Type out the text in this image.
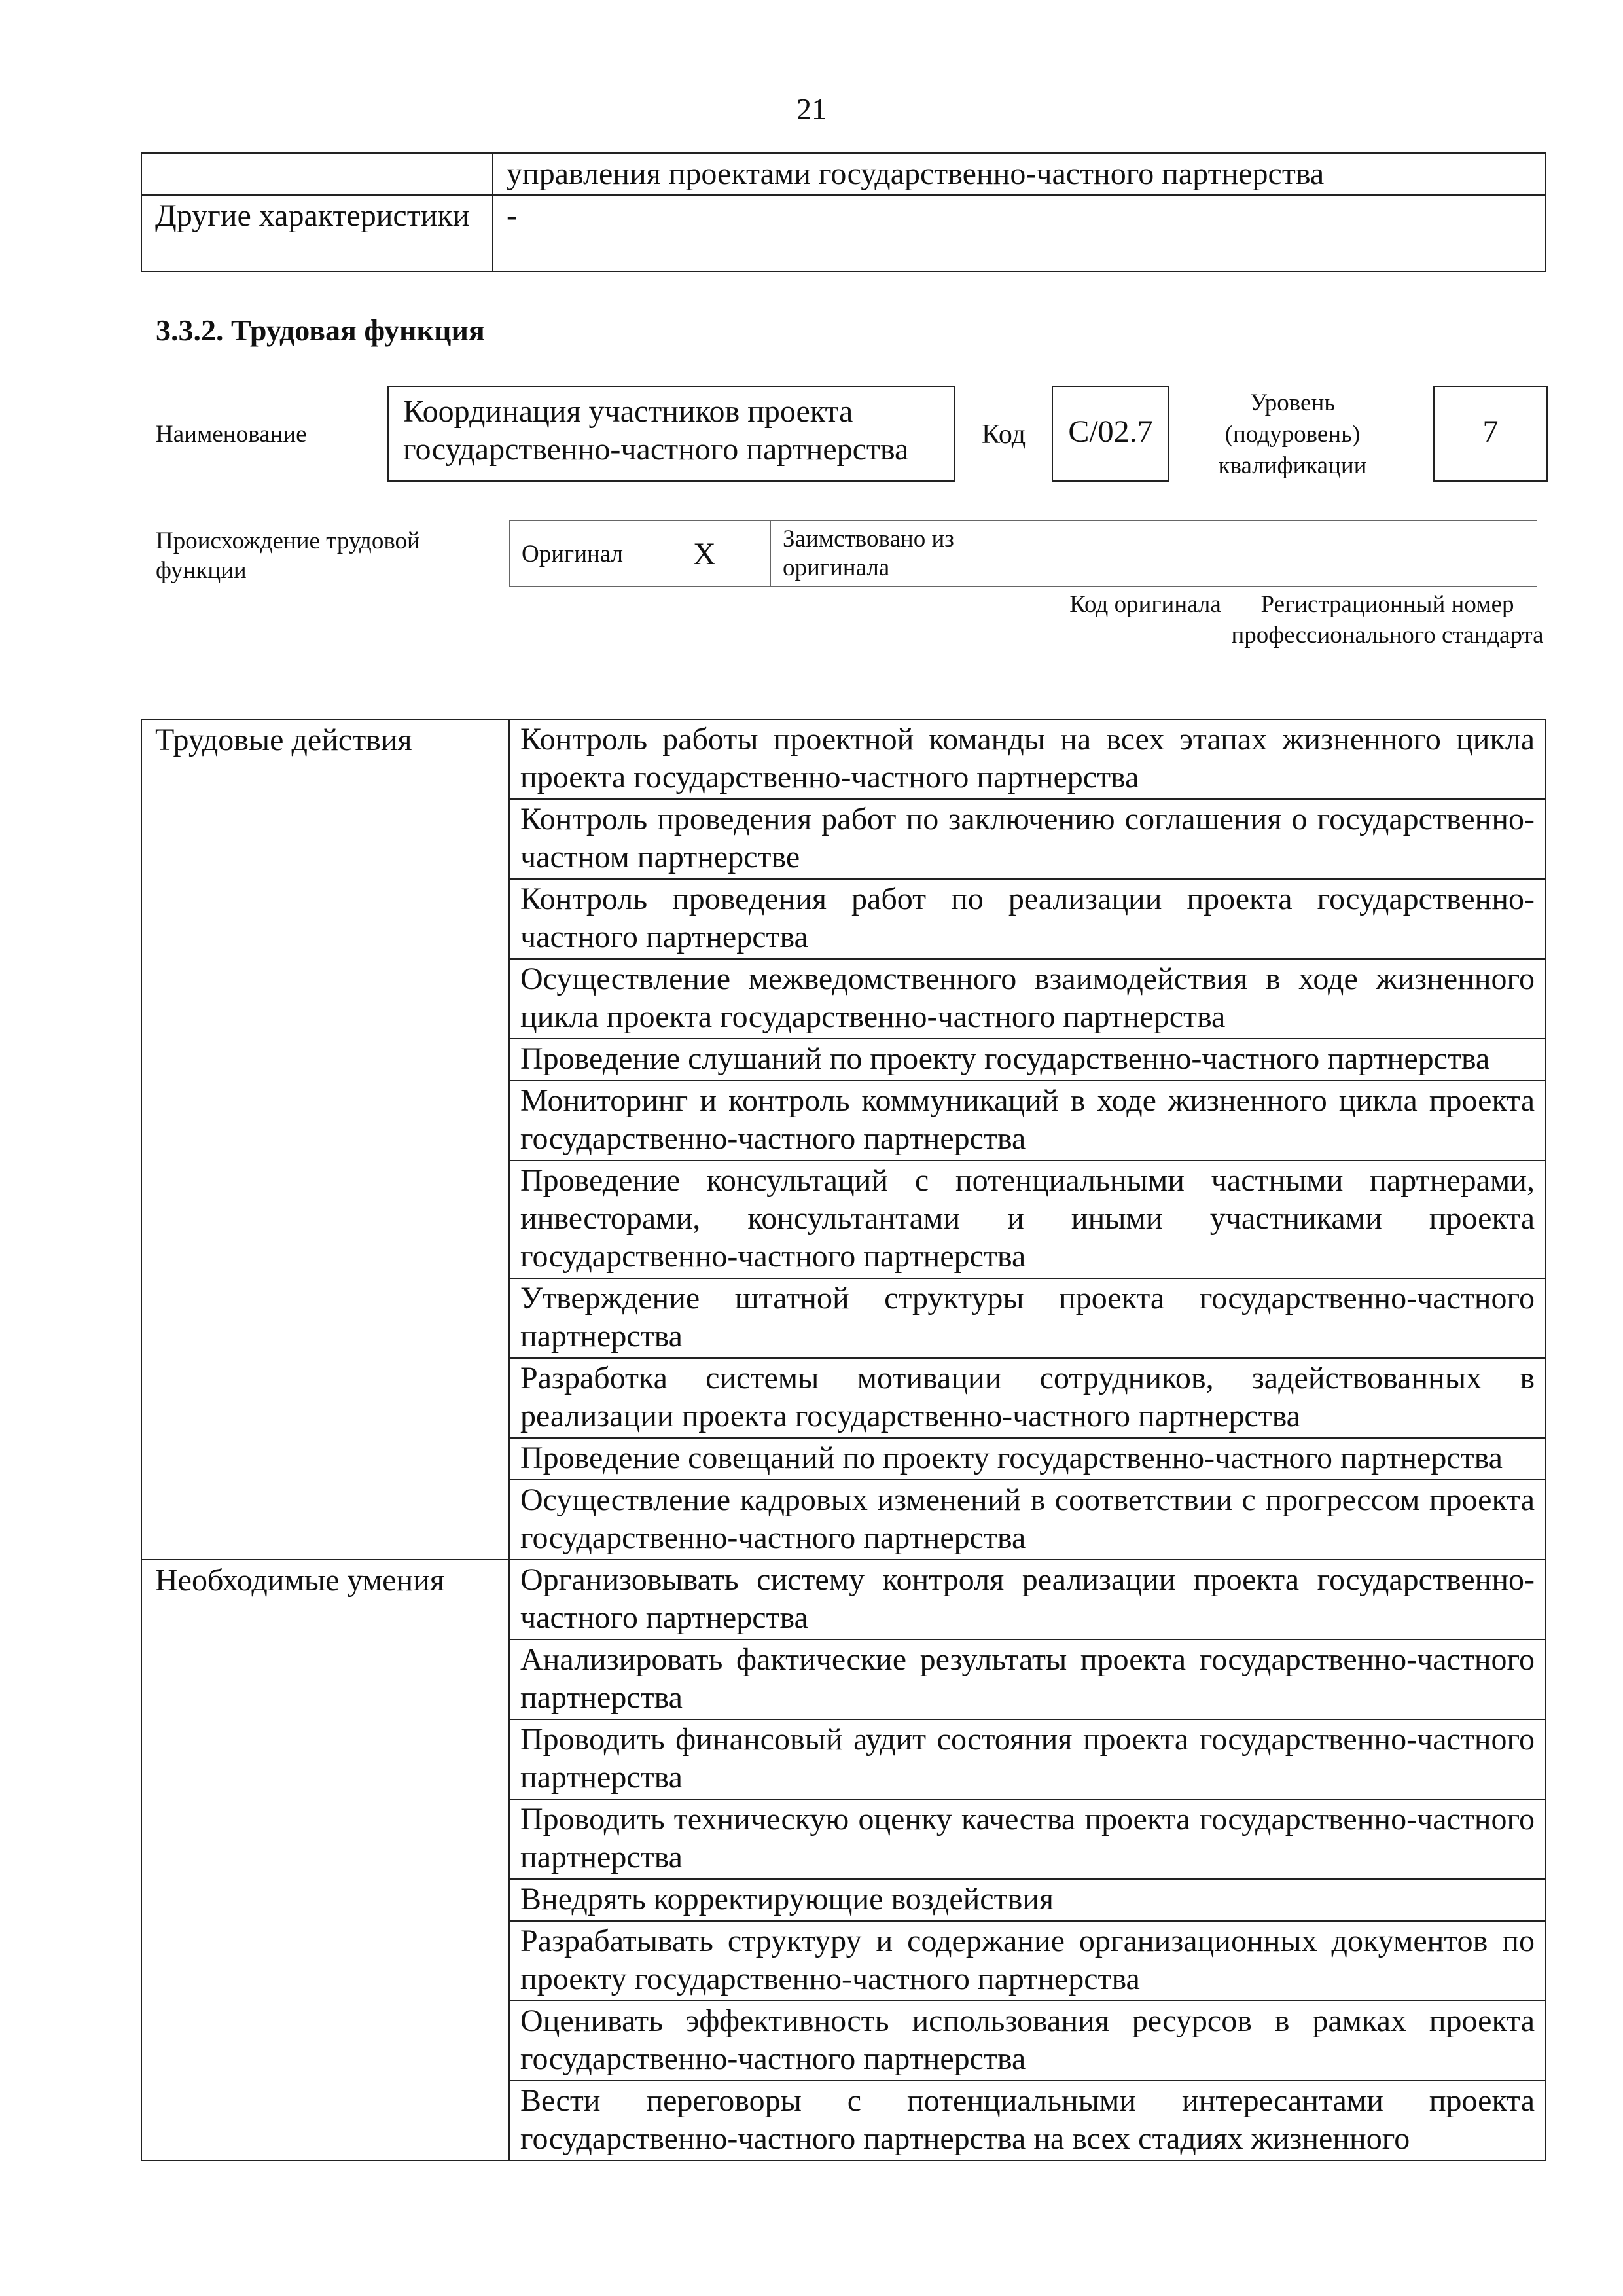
21
	управления проектами государственно-частного партнерства
Другие характеристики	-
3.3.2. Трудовая функция
Наименование
Координация участников проекта государственно-частного партнерства	Код	C/02.7
Уровень (подуровень) квалификации
7
Происхождение трудовой функции
Оригинал	X	Заимствовано из оригинала		
Код оригинала	Регистрационный номер профессионального стандарта
Трудовые действия	Контроль работы проектной команды на всех этапах жизненного цикла проекта государственно-частного партнерства
	Контроль проведения работ по заключению соглашения о государственно-частном партнерстве
	Контроль проведения работ по реализации проекта государственно-частного партнерства
	Осуществление межведомственного взаимодействия в ходе жизненного цикла проекта государственно-частного партнерства
	Проведение слушаний по проекту государственно-частного партнерства
	Мониторинг и контроль коммуникаций в ходе жизненного цикла проекта государственно-частного партнерства
	Проведение консультаций с потенциальными частными партнерами, инвесторами, консультантами и иными участниками проекта государственно-частного партнерства
	Утверждение штатной структуры проекта государственно-частного партнерства
	Разработка системы мотивации сотрудников, задействованных в реализации проекта государственно-частного партнерства
	Проведение совещаний по проекту государственно-частного партнерства
	Осуществление кадровых изменений в соответствии с прогрессом проекта государственно-частного партнерства
Необходимые умения	Организовывать систему контроля реализации проекта государственно-частного партнерства
	Анализировать фактические результаты проекта государственно-частного партнерства
	Проводить финансовый аудит состояния проекта государственно-частного партнерства
	Проводить техническую оценку качества проекта государственно-частного партнерства
	Внедрять корректирующие воздействия
	Разрабатывать структуру и содержание организационных документов по проекту государственно-частного партнерства
	Оценивать эффективность использования ресурсов в рамках проекта государственно-частного партнерства
	Вести переговоры с потенциальными интересантами проекта государственно-частного партнерства на всех стадиях жизненного
